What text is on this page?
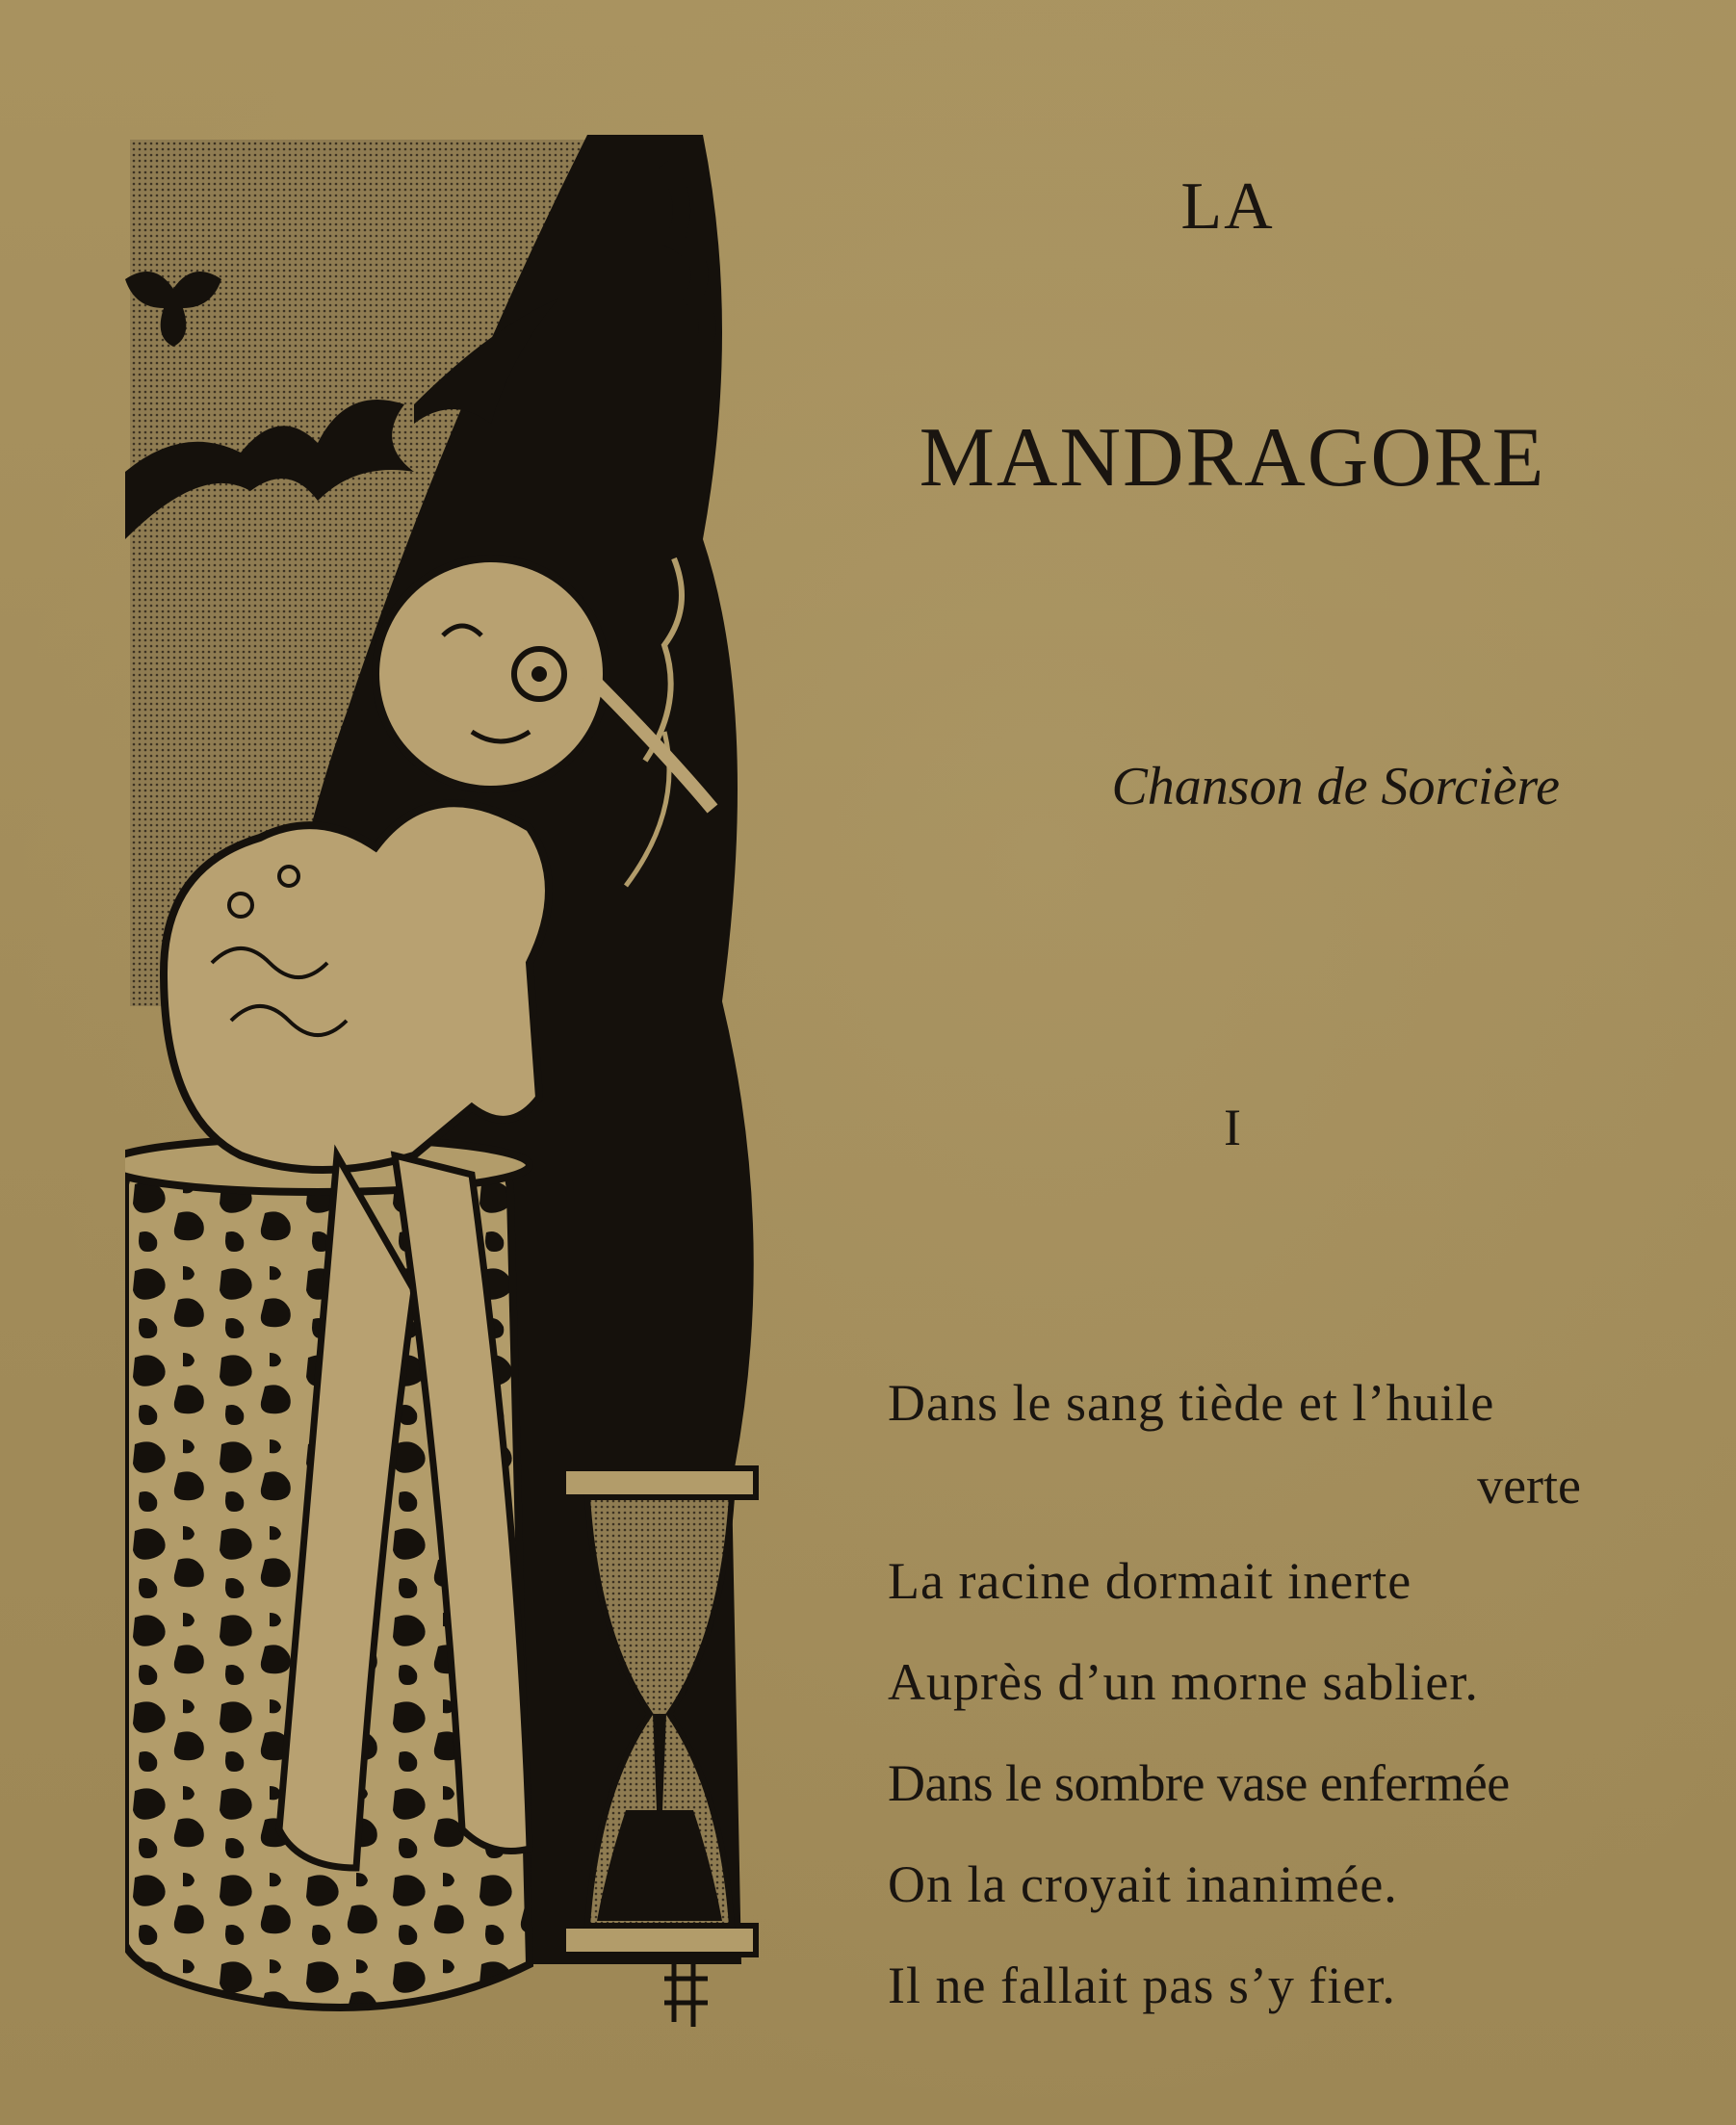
LA
MANDRAGORE
Chanson de Sorcière
I
Dans le sang tiède et l’huile
verte
La racine dormait inerte
Auprès d’un morne sablier.
Dans le sombre vase enfermée
On la croyait inanimée.
Il ne fallait pas s’y fier.
